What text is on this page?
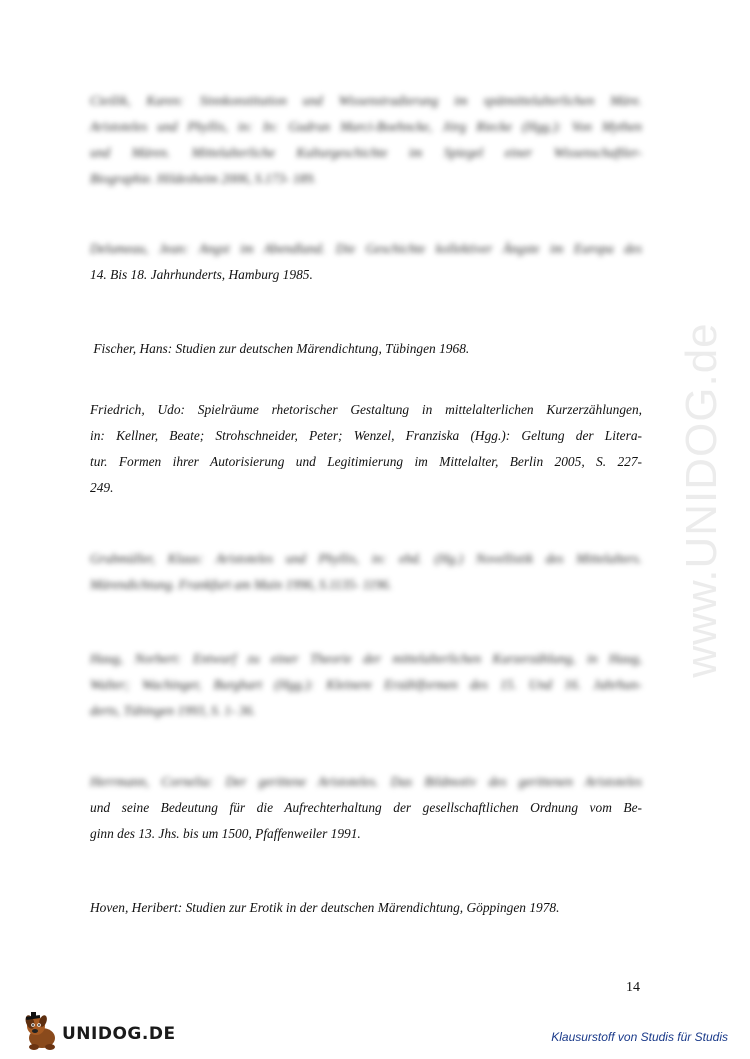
www.UNIDOG.de
Cieślik, Karen: Sinnkonstitution und Wissenstradierung im spätmittelalterlichen Märe.
Aristoteles und Phyllis, in: In: Gudrun Marci-Boehncke, Jörg Riecke (Hgg.): Von Mythen
und Mären. Mittelalterliche Kulturgeschichte im Spiegel einer Wissenschaftler-
Biographie. Hildesheim 2006, S.173- 189.
Delumeau, Jean: Angst im Abendland. Die Geschichte kollektiver Ängste im Europa des
14. Bis 18. Jahrhunderts, Hamburg 1985.
Fischer, Hans: Studien zur deutschen Märendichtung, Tübingen 1968.
Friedrich, Udo: Spielräume rhetorischer Gestaltung in mittelalterlichen Kurzerzählungen,
in: Kellner, Beate; Strohschneider, Peter; Wenzel, Franziska (Hgg.): Geltung der Litera-
tur. Formen ihrer Autorisierung und Legitimierung im Mittelalter, Berlin 2005, S. 227-
249.
Grubmüller, Klaus: Aristoteles und Phyllis, in: ebd. (Hg.) Novellistik des Mittelalters.
Märendichtung. Frankfurt am Main 1996, S.1135- 1196.
Haug, Norbert: Entwurf zu einer Theorie der mittelalterlichen Kurzerzählung, in Haug,
Walter; Wachinger, Burghart (Hgg.): Kleinere Erzählformen des 15. Und 16. Jahrhun-
derts, Tübingen 1993, S. 1- 36.
Herrmann, Cornelia: Der gerittene Aristoteles. Das Bildmotiv des gerittenen Aristoteles
und seine Bedeutung für die Aufrechterhaltung der gesellschaftlichen Ordnung vom Be-
ginn des 13. Jhs. bis um 1500, Pfaffenweiler 1991.
Hoven, Heribert: Studien zur Erotik in der deutschen Märendichtung, Göppingen 1978.
14
UNIDOG.DE	Klausurstoff von Studis für Studis
